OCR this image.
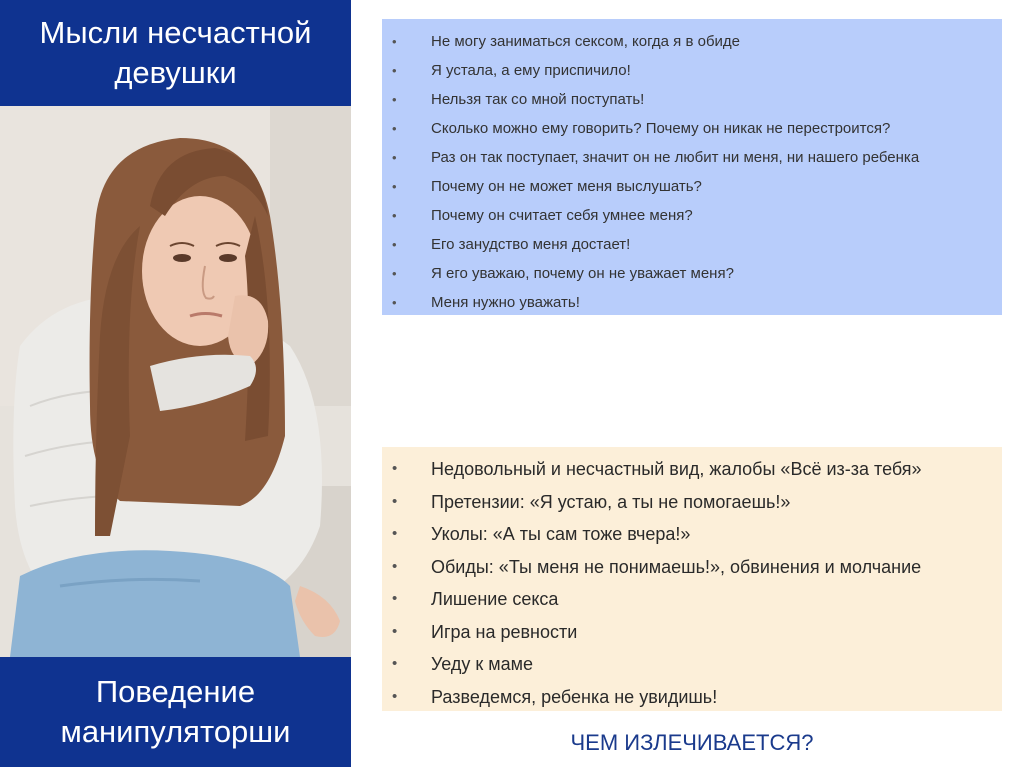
Мысли несчастной девушки
Поведение манипуляторши
• Не могу заниматься сексом, когда я в обиде
• Я устала, а ему приспичило!
• Нельзя так со мной поступать!
• Сколько можно ему говорить? Почему он никак не перестроится?
• Раз он так поступает, значит он не любит ни меня, ни нашего ребенка
• Почему он не может меня выслушать?
• Почему он считает себя умнее меня?
• Его занудство меня достает!
• Я его уважаю, почему он не уважает меня?
• Меня нужно уважать!
• Недовольный и несчастный вид, жалобы «Всё из-за тебя»
• Претензии: «Я устаю, а ты не помогаешь!»
• Уколы: «А ты сам тоже вчера!»
• Обиды: «Ты меня не понимаешь!», обвинения и молчание
• Лишение секса
• Игра на ревности
• Уеду к маме
• Разведемся, ребенка не увидишь!
ЧЕМ ИЗЛЕЧИВАЕТСЯ?
